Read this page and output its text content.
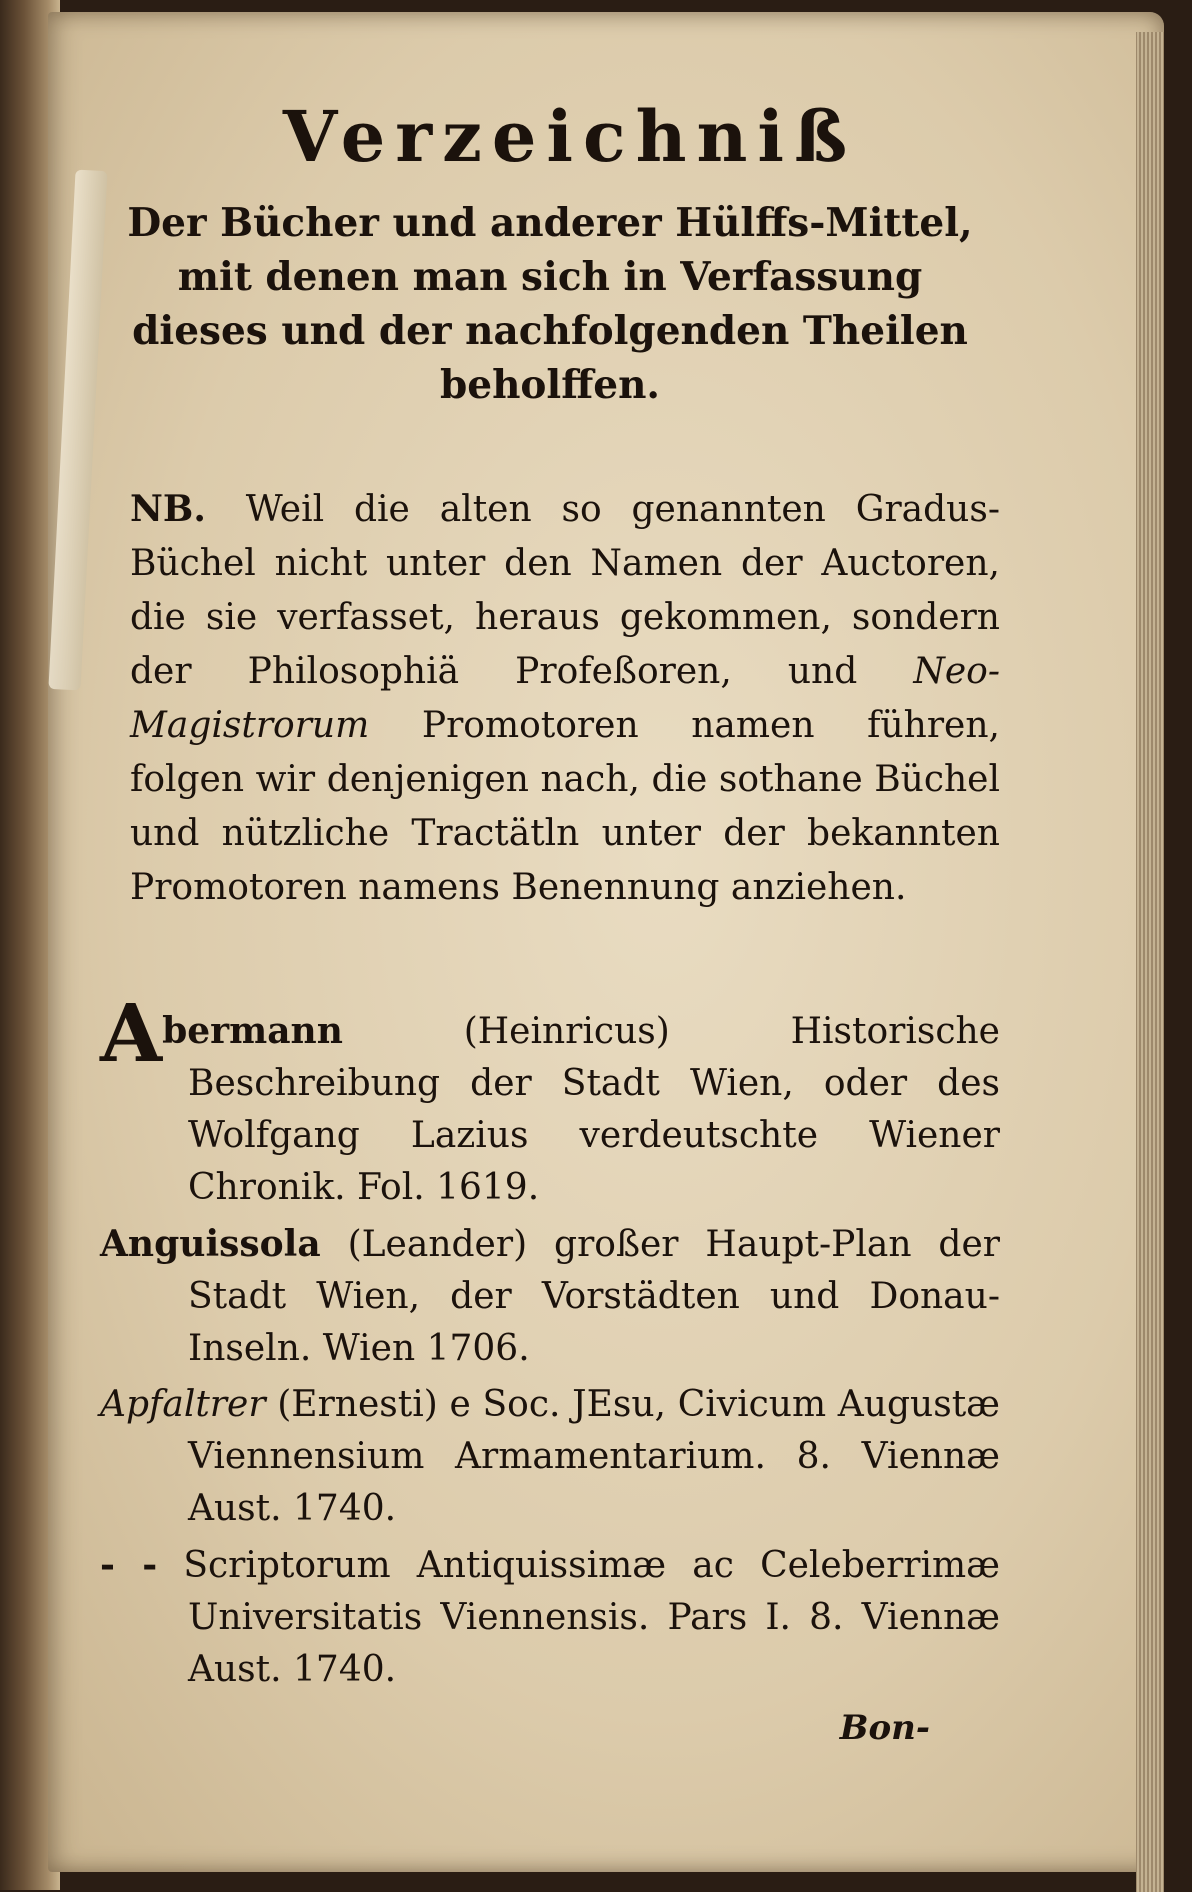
Verzeichniß
Der Bücher und anderer Hülffs-Mittel, mit denen man sich in Verfassung dieses und der nachfolgenden Theilen beholffen.
NB. Weil die alten so genannten Gradus-Büchel nicht unter den Namen der Auctoren, die sie verfasset, heraus gekommen, sondern der Philosophiä Profeßoren, und Neo-Magistrorum Promotoren namen führen, folgen wir denjenigen nach, die sothane Büchel und nützliche Tractätln unter der bekannten Promotoren namens Benennung anziehen.
Abermann	(Heinricus) Historische Beschreibung der Stadt Wien, oder des Wolfgang Lazius verdeutschte Wiener Chronik. Fol. 1619.
Anguissola (Leander) großer Haupt-Plan der Stadt Wien, der Vorstädten und Donau-Inseln. Wien 1706.
Apfaltrer (Ernesti) e Soc. JEsu, Civicum Augustæ Viennensium Armamentarium. 8. Viennæ Aust. 1740.
- - Scriptorum Antiquissimæ ac Celeberrimæ Universitatis Viennensis. Pars I. 8. Viennæ Aust. 1740.
Bon-
